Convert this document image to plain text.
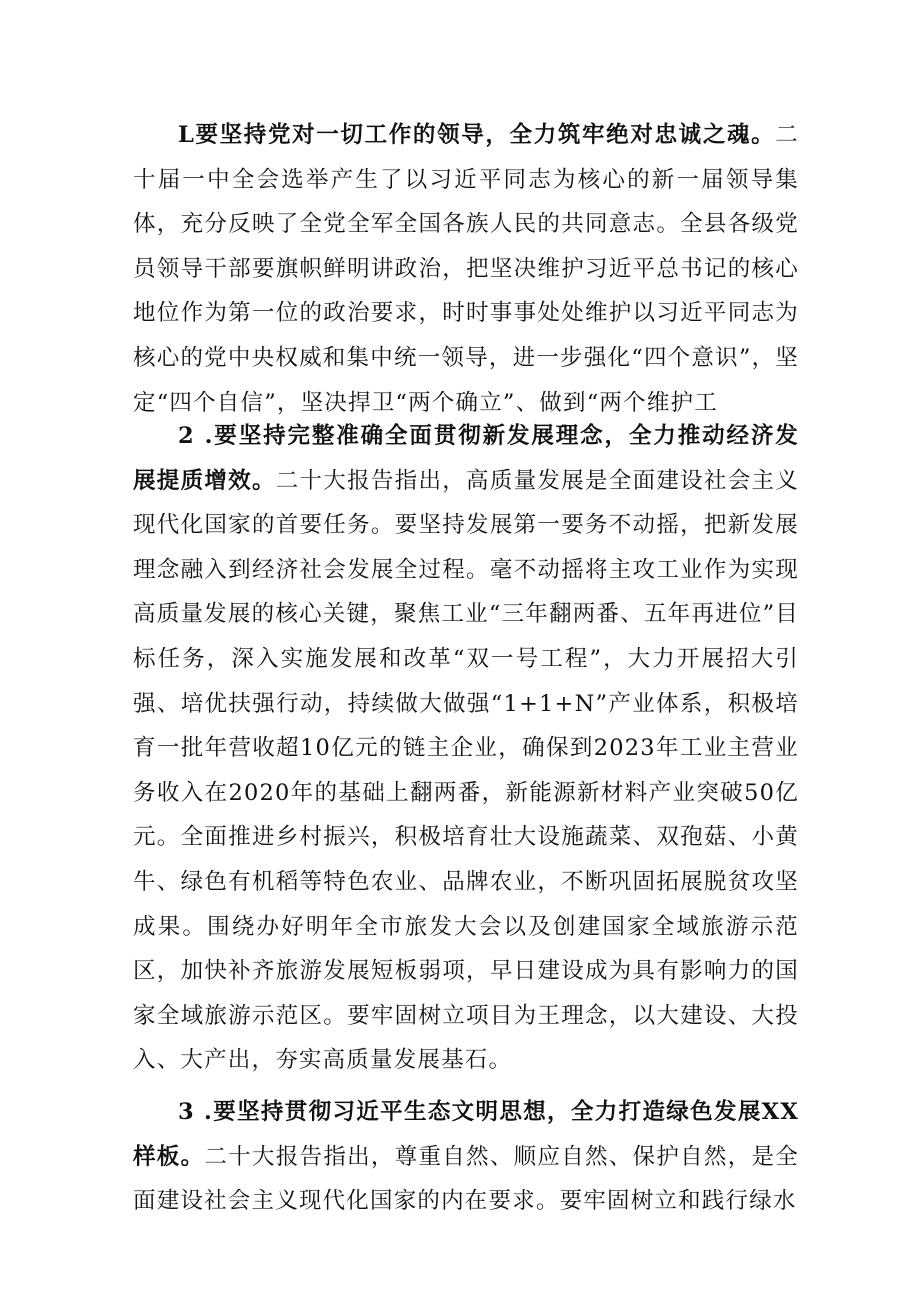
L要坚持党对一切工作的领导，全力筑牢绝对忠诚之魂。二十届一中全会选举产生了以习近平同志为核心的新一届领导集体，充分反映了全党全军全国各族人民的共同意志。全县各级党员领导干部要旗帜鲜明讲政治，把坚决维护习近平总书记的核心地位作为第一位的政治要求，时时事事处处维护以习近平同志为核心的党中央权威和集中统一领导，进一步强化“四个意识”，坚定“四个自信”，坚决捍卫“两个确立”、做到“两个维护工

2 .要坚持完整准确全面贯彻新发展理念，全力推动经济发展提质增效。二十大报告指出，高质量发展是全面建设社会主义现代化国家的首要任务。要坚持发展第一要务不动摇，把新发展理念融入到经济社会发展全过程。毫不动摇将主攻工业作为实现高质量发展的核心关键，聚焦工业“三年翻两番、五年再进位”目标任务，深入实施发展和改革“双一号工程”，大力开展招大引强、培优扶强行动，持续做大做强“1+1+N”产业体系，积极培育一批年营收超10亿元的链主企业，确保到2023年工业主营业务收入在2020年的基础上翻两番，新能源新材料产业突破50亿元。全面推进乡村振兴，积极培育壮大设施蔬菜、双孢菇、小黄牛、绿色有机稻等特色农业、品牌农业，不断巩固拓展脱贫攻坚成果。围绕办好明年全市旅发大会以及创建国家全域旅游示范区，加快补齐旅游发展短板弱项，早日建设成为具有影响力的国家全域旅游示范区。要牢固树立项目为王理念，以大建设、大投入、大产出，夯实高质量发展基石。

3 .要坚持贯彻习近平生态文明思想，全力打造绿色发展XX样板。二十大报告指出，尊重自然、顺应自然、保护自然，是全面建设社会主义现代化国家的内在要求。要牢固树立和践行绿水
